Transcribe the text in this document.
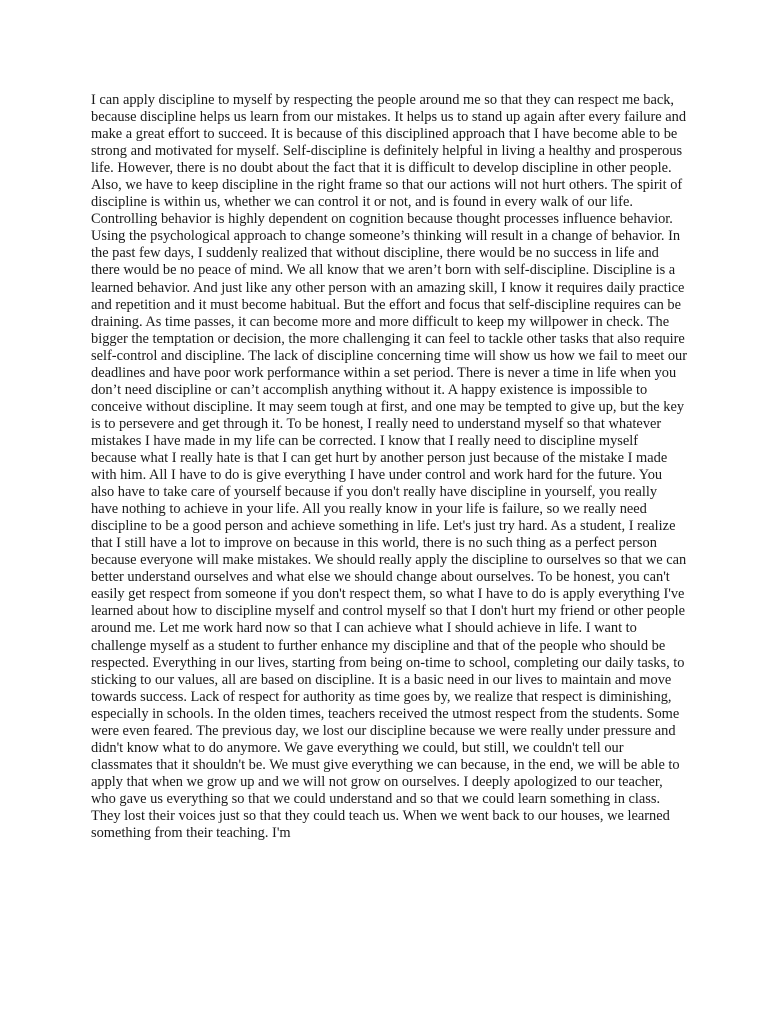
I can apply discipline to myself by respecting the people around me so that they can respect me back, because discipline helps us learn from our mistakes. It helps us to stand up again after every failure and make a great effort to succeed. It is because of this disciplined approach that I have become able to be strong and motivated for myself. Self-discipline is definitely helpful in living a healthy and prosperous life. However, there is no doubt about the fact that it is difficult to develop discipline in other people. Also, we have to keep discipline in the right frame so that our actions will not hurt others. The spirit of discipline is within us, whether we can control it or not, and is found in every walk of our life. Controlling behavior is highly dependent on cognition because thought processes influence behavior. Using the psychological approach to change someone’s thinking will result in a change of behavior. In the past few days, I suddenly realized that without discipline, there would be no success in life and there would be no peace of mind. We all know that we aren’t born with self-discipline. Discipline is a learned behavior. And just like any other person with an amazing skill, I know it requires daily practice and repetition and it must become habitual. But the effort and focus that self-discipline requires can be draining. As time passes, it can become more and more difficult to keep my willpower in check. The bigger the temptation or decision, the more challenging it can feel to tackle other tasks that also require self-control and discipline. The lack of discipline concerning time will show us how we fail to meet our deadlines and have poor work performance within a set period. There is never a time in life when you don’t need discipline or can’t accomplish anything without it. A happy existence is impossible to conceive without discipline. It may seem tough at first, and one may be tempted to give up, but the key is to persevere and get through it. To be honest, I really need to understand myself so that whatever mistakes I have made in my life can be corrected. I know that I really need to discipline myself because what I really hate is that I can get hurt by another person just because of the mistake I made with him. All I have to do is give everything I have under control and work hard for the future. You also have to take care of yourself because if you don't really have discipline in yourself, you really have nothing to achieve in your life. All you really know in your life is failure, so we really need discipline to be a good person and achieve something in life. Let's just try hard. As a student, I realize that I still have a lot to improve on because in this world, there is no such thing as a perfect person because everyone will make mistakes. We should really apply the discipline to ourselves so that we can better understand ourselves and what else we should change about ourselves. To be honest, you can't easily get respect from someone if you don't respect them, so what I have to do is apply everything I've learned about how to discipline myself and control myself so that I don't hurt my friend or other people around me. Let me work hard now so that I can achieve what I should achieve in life. I want to challenge myself as a student to further enhance my discipline and that of the people who should be respected. Everything in our lives, starting from being on-time to school, completing our daily tasks, to sticking to our values, all are based on discipline. It is a basic need in our lives to maintain and move towards success. Lack of respect for authority as time goes by, we realize that respect is diminishing, especially in schools. In the olden times, teachers received the utmost respect from the students. Some were even feared. The previous day, we lost our discipline because we were really under pressure and didn't know what to do anymore. We gave everything we could, but still, we couldn't tell our classmates that it shouldn't be. We must give everything we can because, in the end, we will be able to apply that when we grow up and we will not grow on ourselves. I deeply apologized to our teacher, who gave us everything so that we could understand and so that we could learn something in class. They lost their voices just so that they could teach us. When we went back to our houses, we learned something from their teaching. I'm
